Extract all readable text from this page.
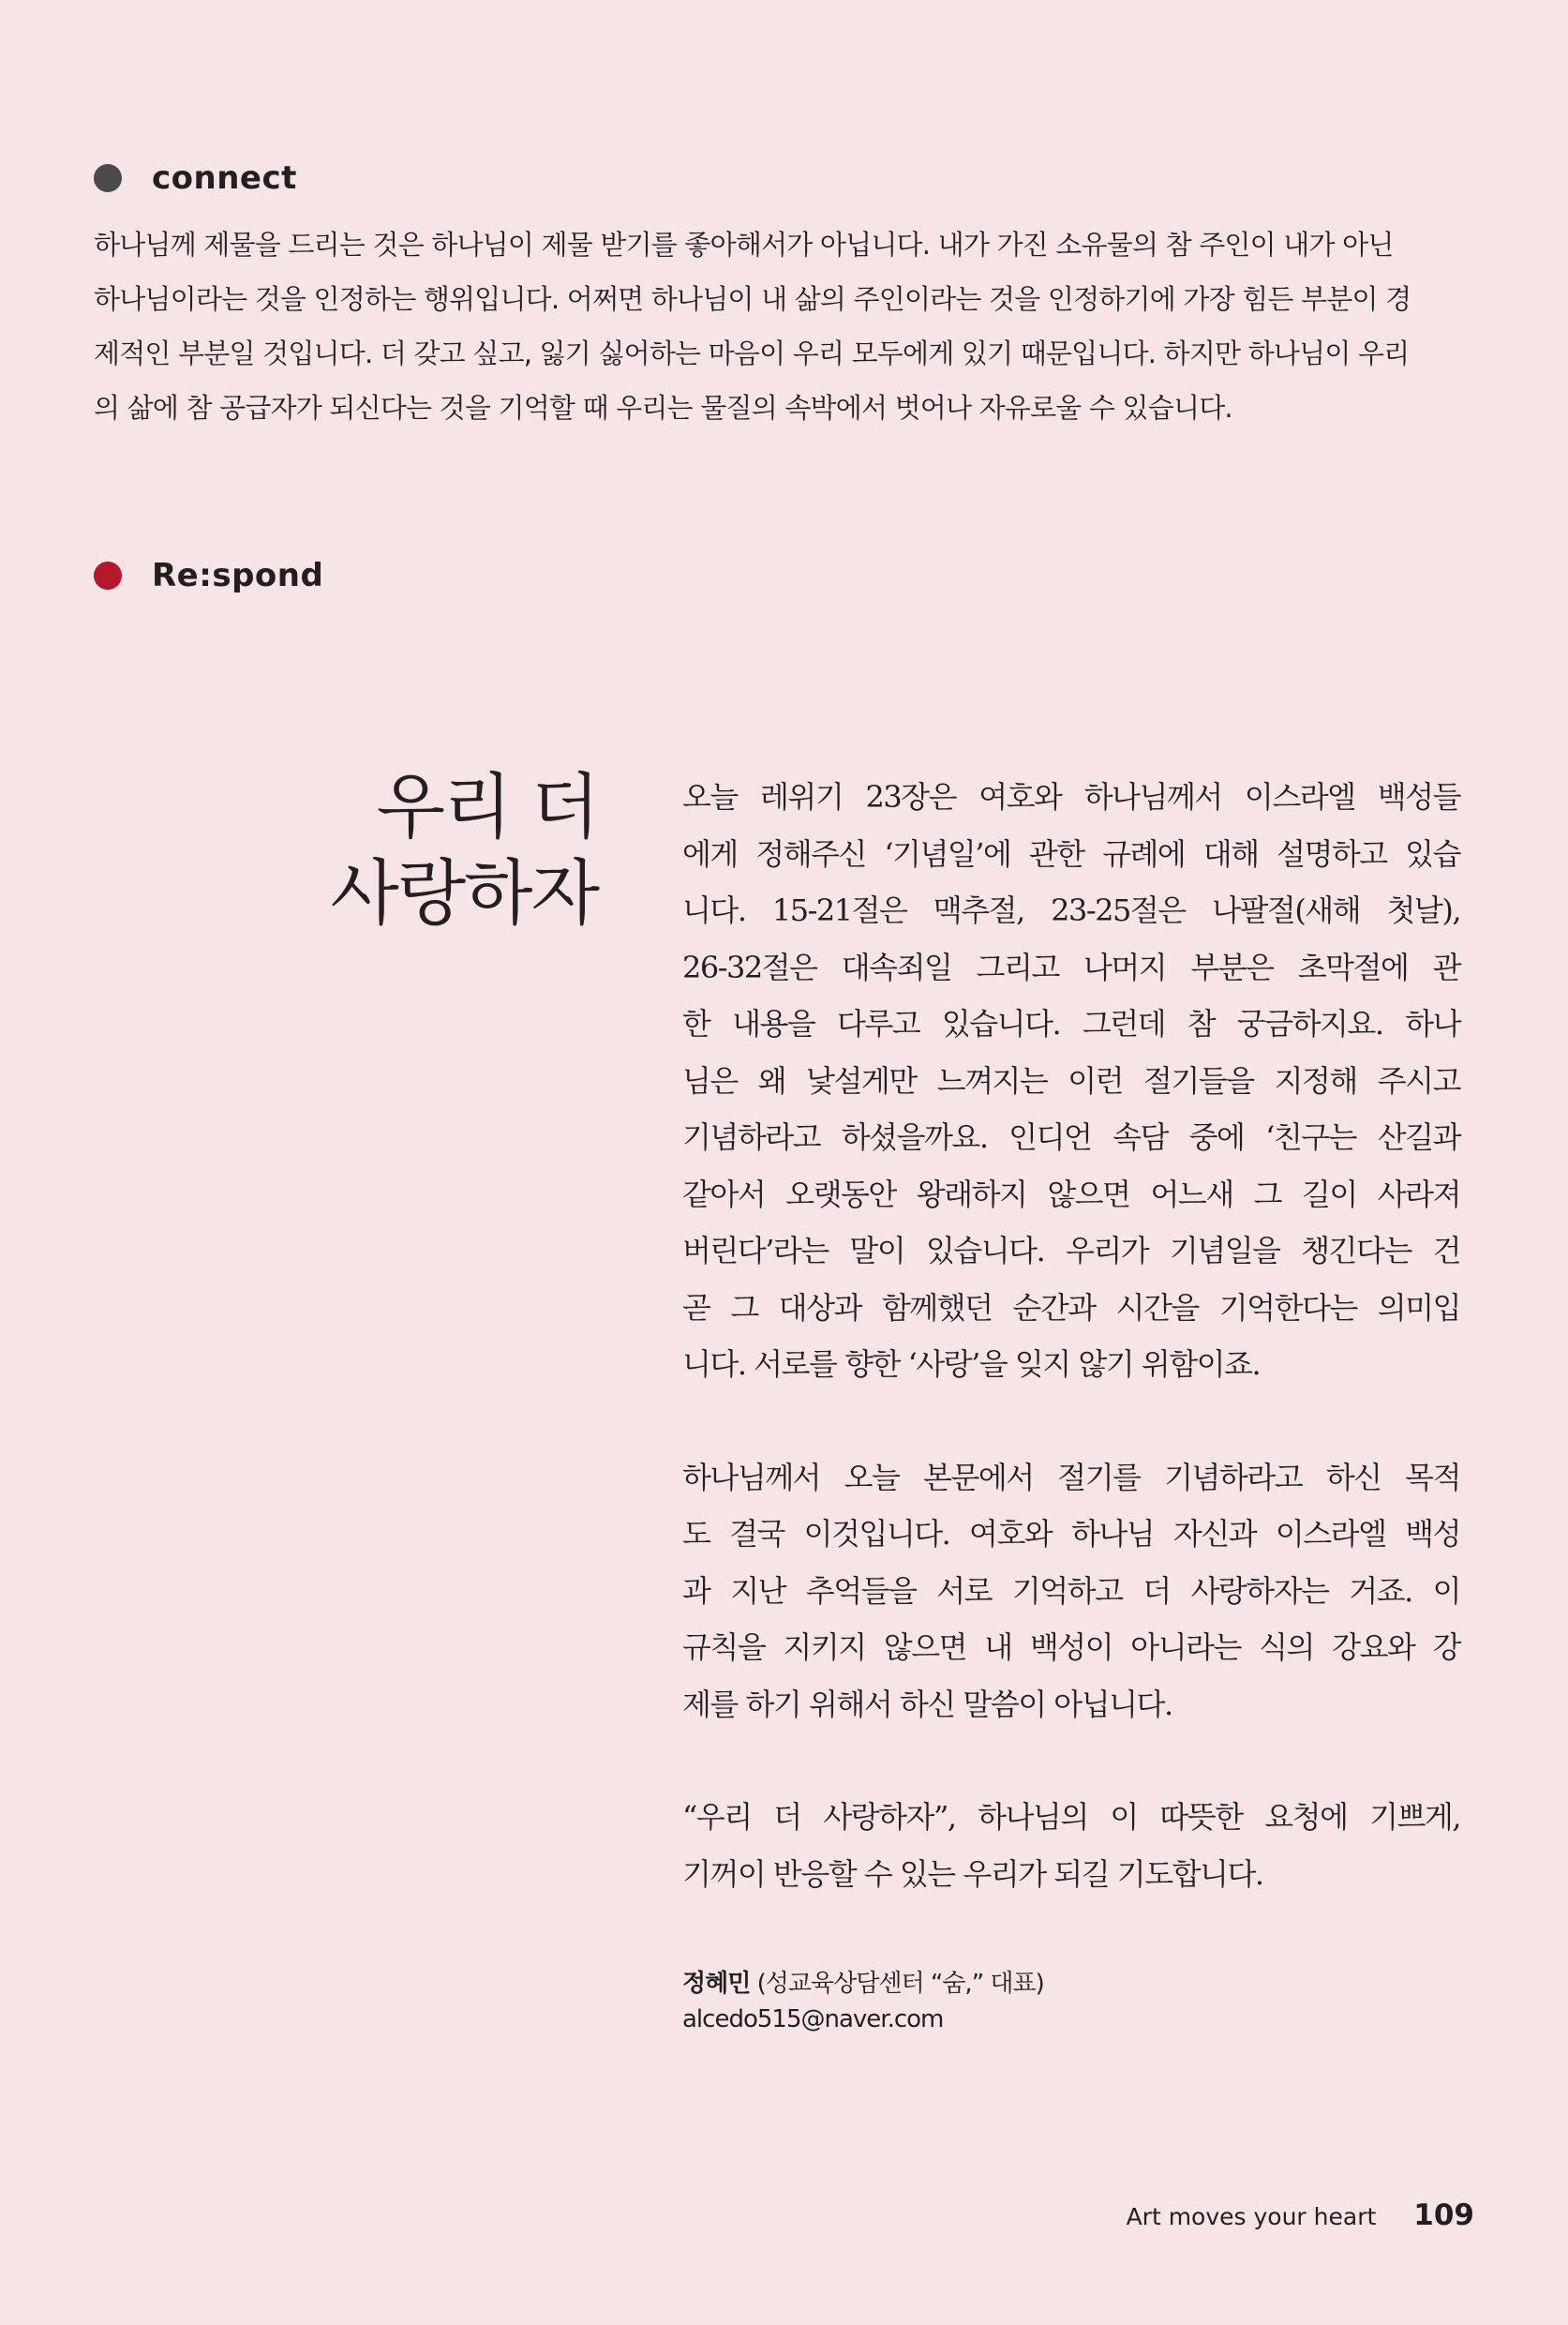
connect
하나님께 제물을 드리는 것은 하나님이 제물 받기를 좋아해서가 아닙니다. 내가 가진 소유물의 참 주인이 내가 아닌
하나님이라는 것을 인정하는 행위입니다. 어쩌면 하나님이 내 삶의 주인이라는 것을 인정하기에 가장 힘든 부분이 경
제적인 부분일 것입니다. 더 갖고 싶고, 잃기 싫어하는 마음이 우리 모두에게 있기 때문입니다. 하지만 하나님이 우리
의 삶에 참 공급자가 되신다는 것을 기억할 때 우리는 물질의 속박에서 벗어나 자유로울 수 있습니다.
Re:spond
우리 더
사랑하자
오늘 레위기 23장은 여호와 하나님께서 이스라엘 백성들
에게 정해주신 ‘기념일’에 관한 규례에 대해 설명하고 있습
니다. 15-21절은 맥추절, 23-25절은 나팔절(새해 첫날),
26-32절은 대속죄일 그리고 나머지 부분은 초막절에 관
한 내용을 다루고 있습니다. 그런데 참 궁금하지요. 하나
님은 왜 낯설게만 느껴지는 이런 절기들을 지정해 주시고
기념하라고 하셨을까요. 인디언 속담 중에 ‘친구는 산길과
같아서 오랫동안 왕래하지 않으면 어느새 그 길이 사라져
버린다’라는 말이 있습니다. 우리가 기념일을 챙긴다는 건
곧 그 대상과 함께했던 순간과 시간을 기억한다는 의미입
니다. 서로를 향한 ‘사랑’을 잊지 않기 위함이죠.
하나님께서 오늘 본문에서 절기를 기념하라고 하신 목적
도 결국 이것입니다. 여호와 하나님 자신과 이스라엘 백성
과 지난 추억들을 서로 기억하고 더 사랑하자는 거죠. 이
규칙을 지키지 않으면 내 백성이 아니라는 식의 강요와 강
제를 하기 위해서 하신 말씀이 아닙니다.
“우리 더 사랑하자”, 하나님의 이 따뜻한 요청에 기쁘게,
기꺼이 반응할 수 있는 우리가 되길 기도합니다.
정혜민 (성교육상담센터 “숨,” 대표)
alcedo515@naver.com
Art moves your heart 109
